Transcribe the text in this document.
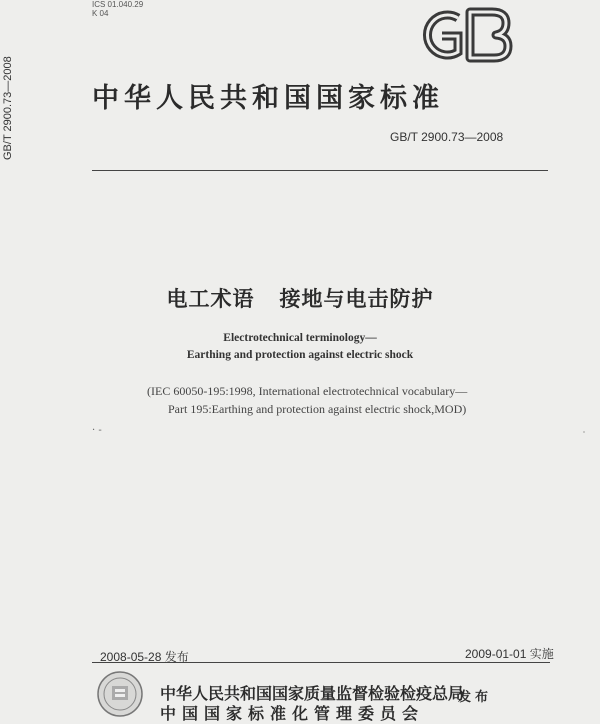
ICS 01.040.29
K 04
GB/T 2900.73—2008	中华人民共和国国家标准
GB/T 2900.73—2008
电工术语   接地与电击防护
Electrotechnical terminology—
Earthing and protection against electric shock
(IEC 60050-195:1998, International electrotechnical vocabulary—
Part 195:Earthing and protection against electric shock,MOD)
· -
2008-05-28 发布	2009-01-01 实施
中华人民共和国国家质量监督检验检疫总局
中国国家标准化管理委员会
发布
